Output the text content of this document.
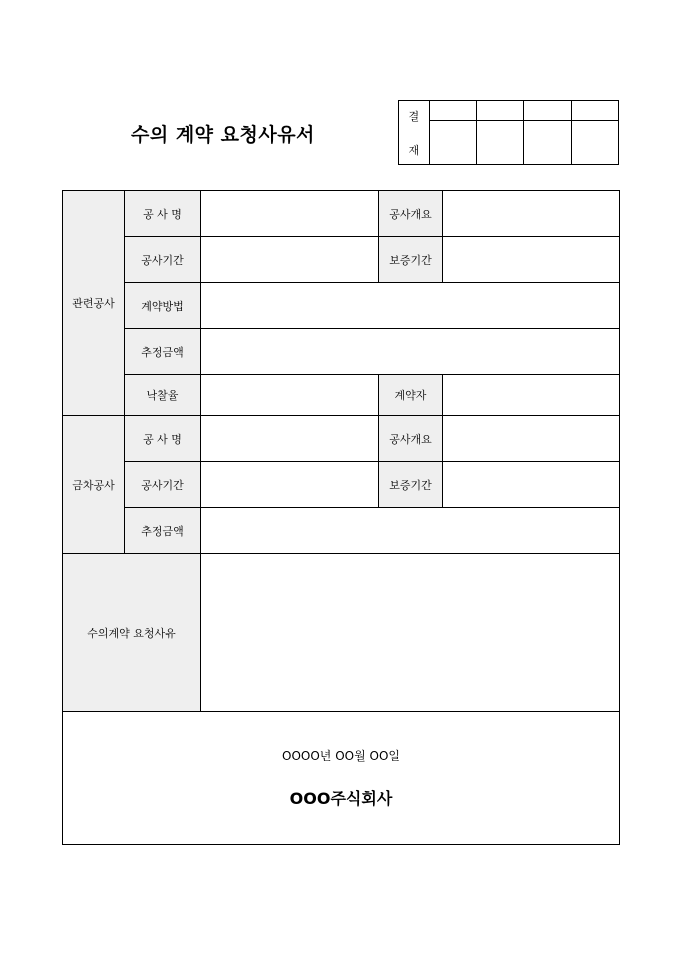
수의 계약 요청사유서
결
재				

관련공사	공 사 명		공사개요	
	공사기간		보증기간	
	계약방법			
	추정금액			
	낙찰율		계약자	
금차공사	공 사 명		공사개요	
	공사기간		보증기간	
	추정금액			
수의계약 요청사유				

OOOO년 OO월 OO일
OOO주식회사				
